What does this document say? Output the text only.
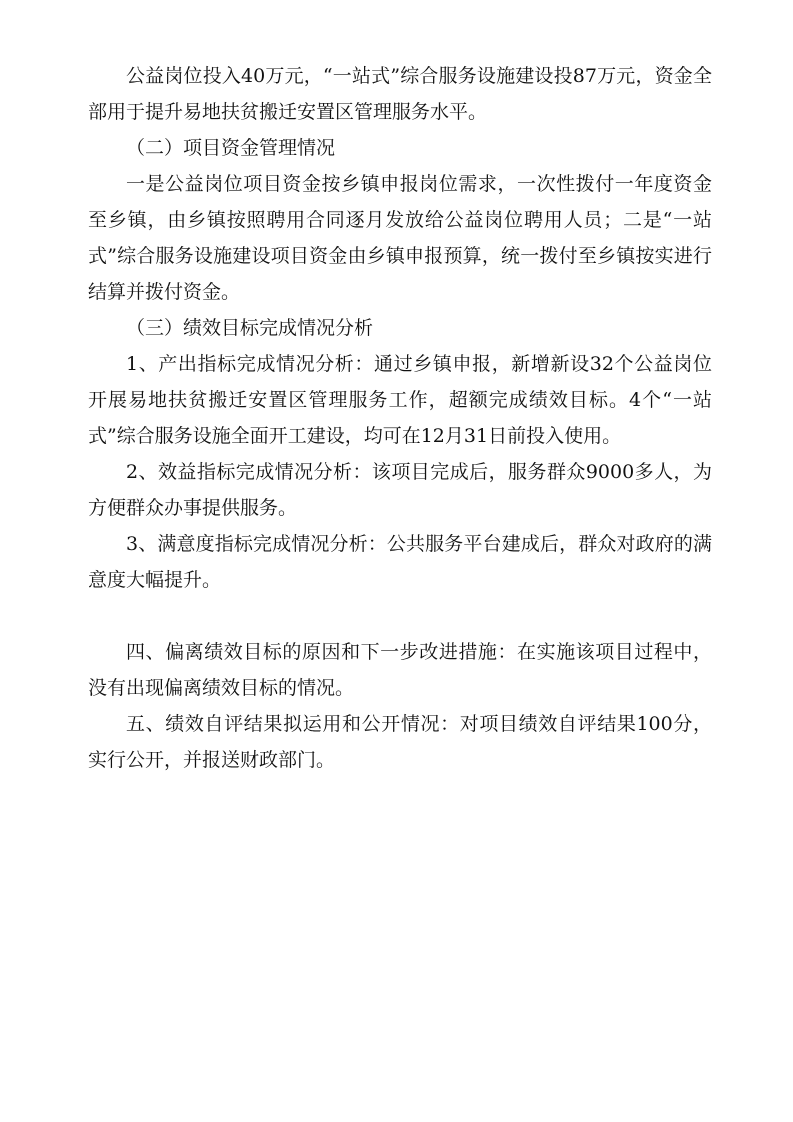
公益岗位投入40万元，“一站式”综合服务设施建设投87万元，资金全部用于提升易地扶贫搬迁安置区管理服务水平。

（二）项目资金管理情况

一是公益岗位项目资金按乡镇申报岗位需求，一次性拨付一年度资金至乡镇，由乡镇按照聘用合同逐月发放给公益岗位聘用人员；二是“一站式”综合服务设施建设项目资金由乡镇申报预算，统一拨付至乡镇按实进行结算并拨付资金。

（三）绩效目标完成情况分析

1、产出指标完成情况分析：通过乡镇申报，新增新设32个公益岗位开展易地扶贫搬迁安置区管理服务工作，超额完成绩效目标。4个“一站式”综合服务设施全面开工建设，均可在12月31日前投入使用。

2、效益指标完成情况分析：该项目完成后，服务群众9000多人，为方便群众办事提供服务。

3、满意度指标完成情况分析：公共服务平台建成后，群众对政府的满意度大幅提升。

四、偏离绩效目标的原因和下一步改进措施：在实施该项目过程中，没有出现偏离绩效目标的情况。

五、绩效自评结果拟运用和公开情况：对项目绩效自评结果100分，实行公开，并报送财政部门。
